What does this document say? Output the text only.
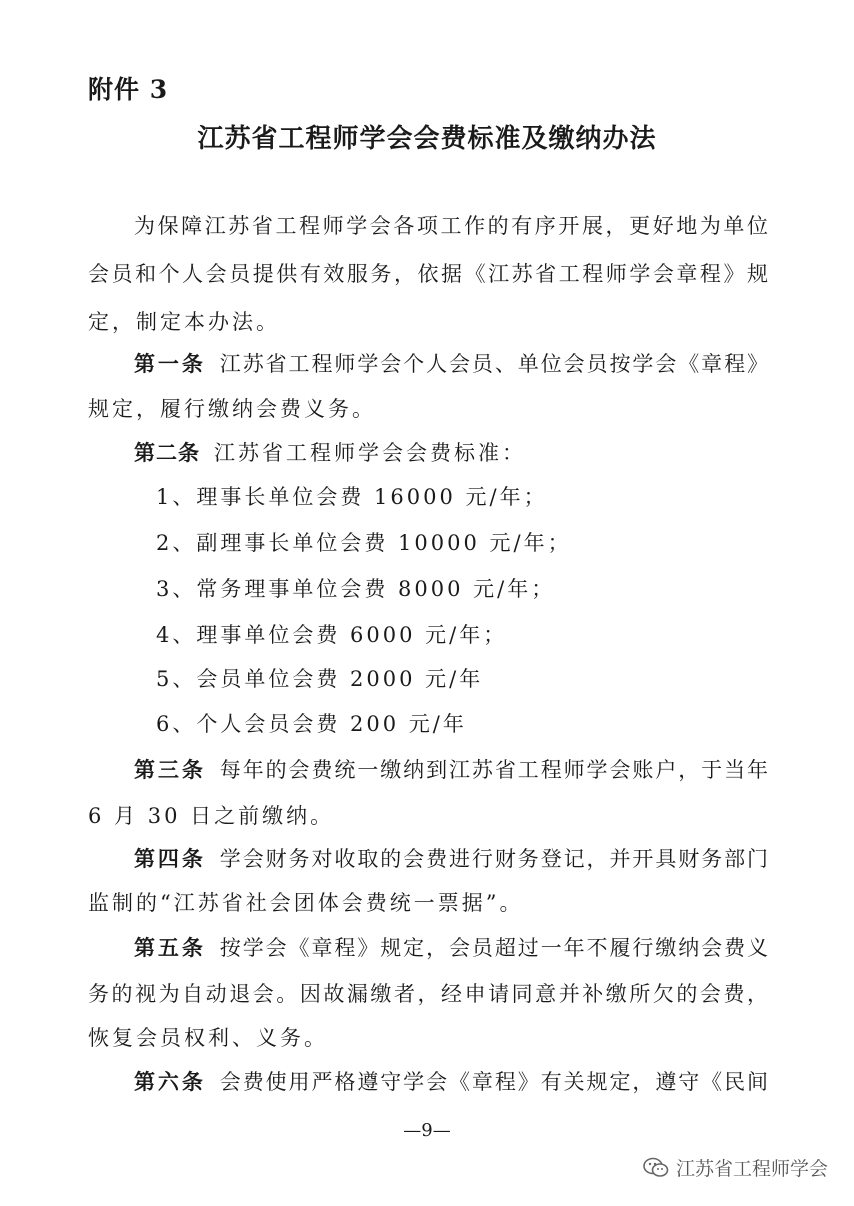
附件 3
江苏省工程师学会会费标准及缴纳办法
为保障江苏省工程师学会各项工作的有序开展，更好地为单位
会员和个人会员提供有效服务，依据《江苏省工程师学会章程》规
定，制定本办法。
第一条 江苏省工程师学会个人会员、单位会员按学会《章程》
规定，履行缴纳会费义务。
第二条 江苏省工程师学会会费标准：
1、理事长单位会费 16000 元/年；
2、副理事长单位会费 10000 元/年；
3、常务理事单位会费 8000 元/年；
4、理事单位会费 6000 元/年；
5、会员单位会费 2000 元/年
6、个人会员会费 200 元/年
第三条 每年的会费统一缴纳到江苏省工程师学会账户，于当年
6 月 30 日之前缴纳。
第四条 学会财务对收取的会费进行财务登记，并开具财务部门
监制的“江苏省社会团体会费统一票据”。
第五条 按学会《章程》规定，会员超过一年不履行缴纳会费义
务的视为自动退会。因故漏缴者，经申请同意并补缴所欠的会费，
恢复会员权利、义务。
第六条 会费使用严格遵守学会《章程》有关规定，遵守《民间
—9—
江苏省工程师学会
